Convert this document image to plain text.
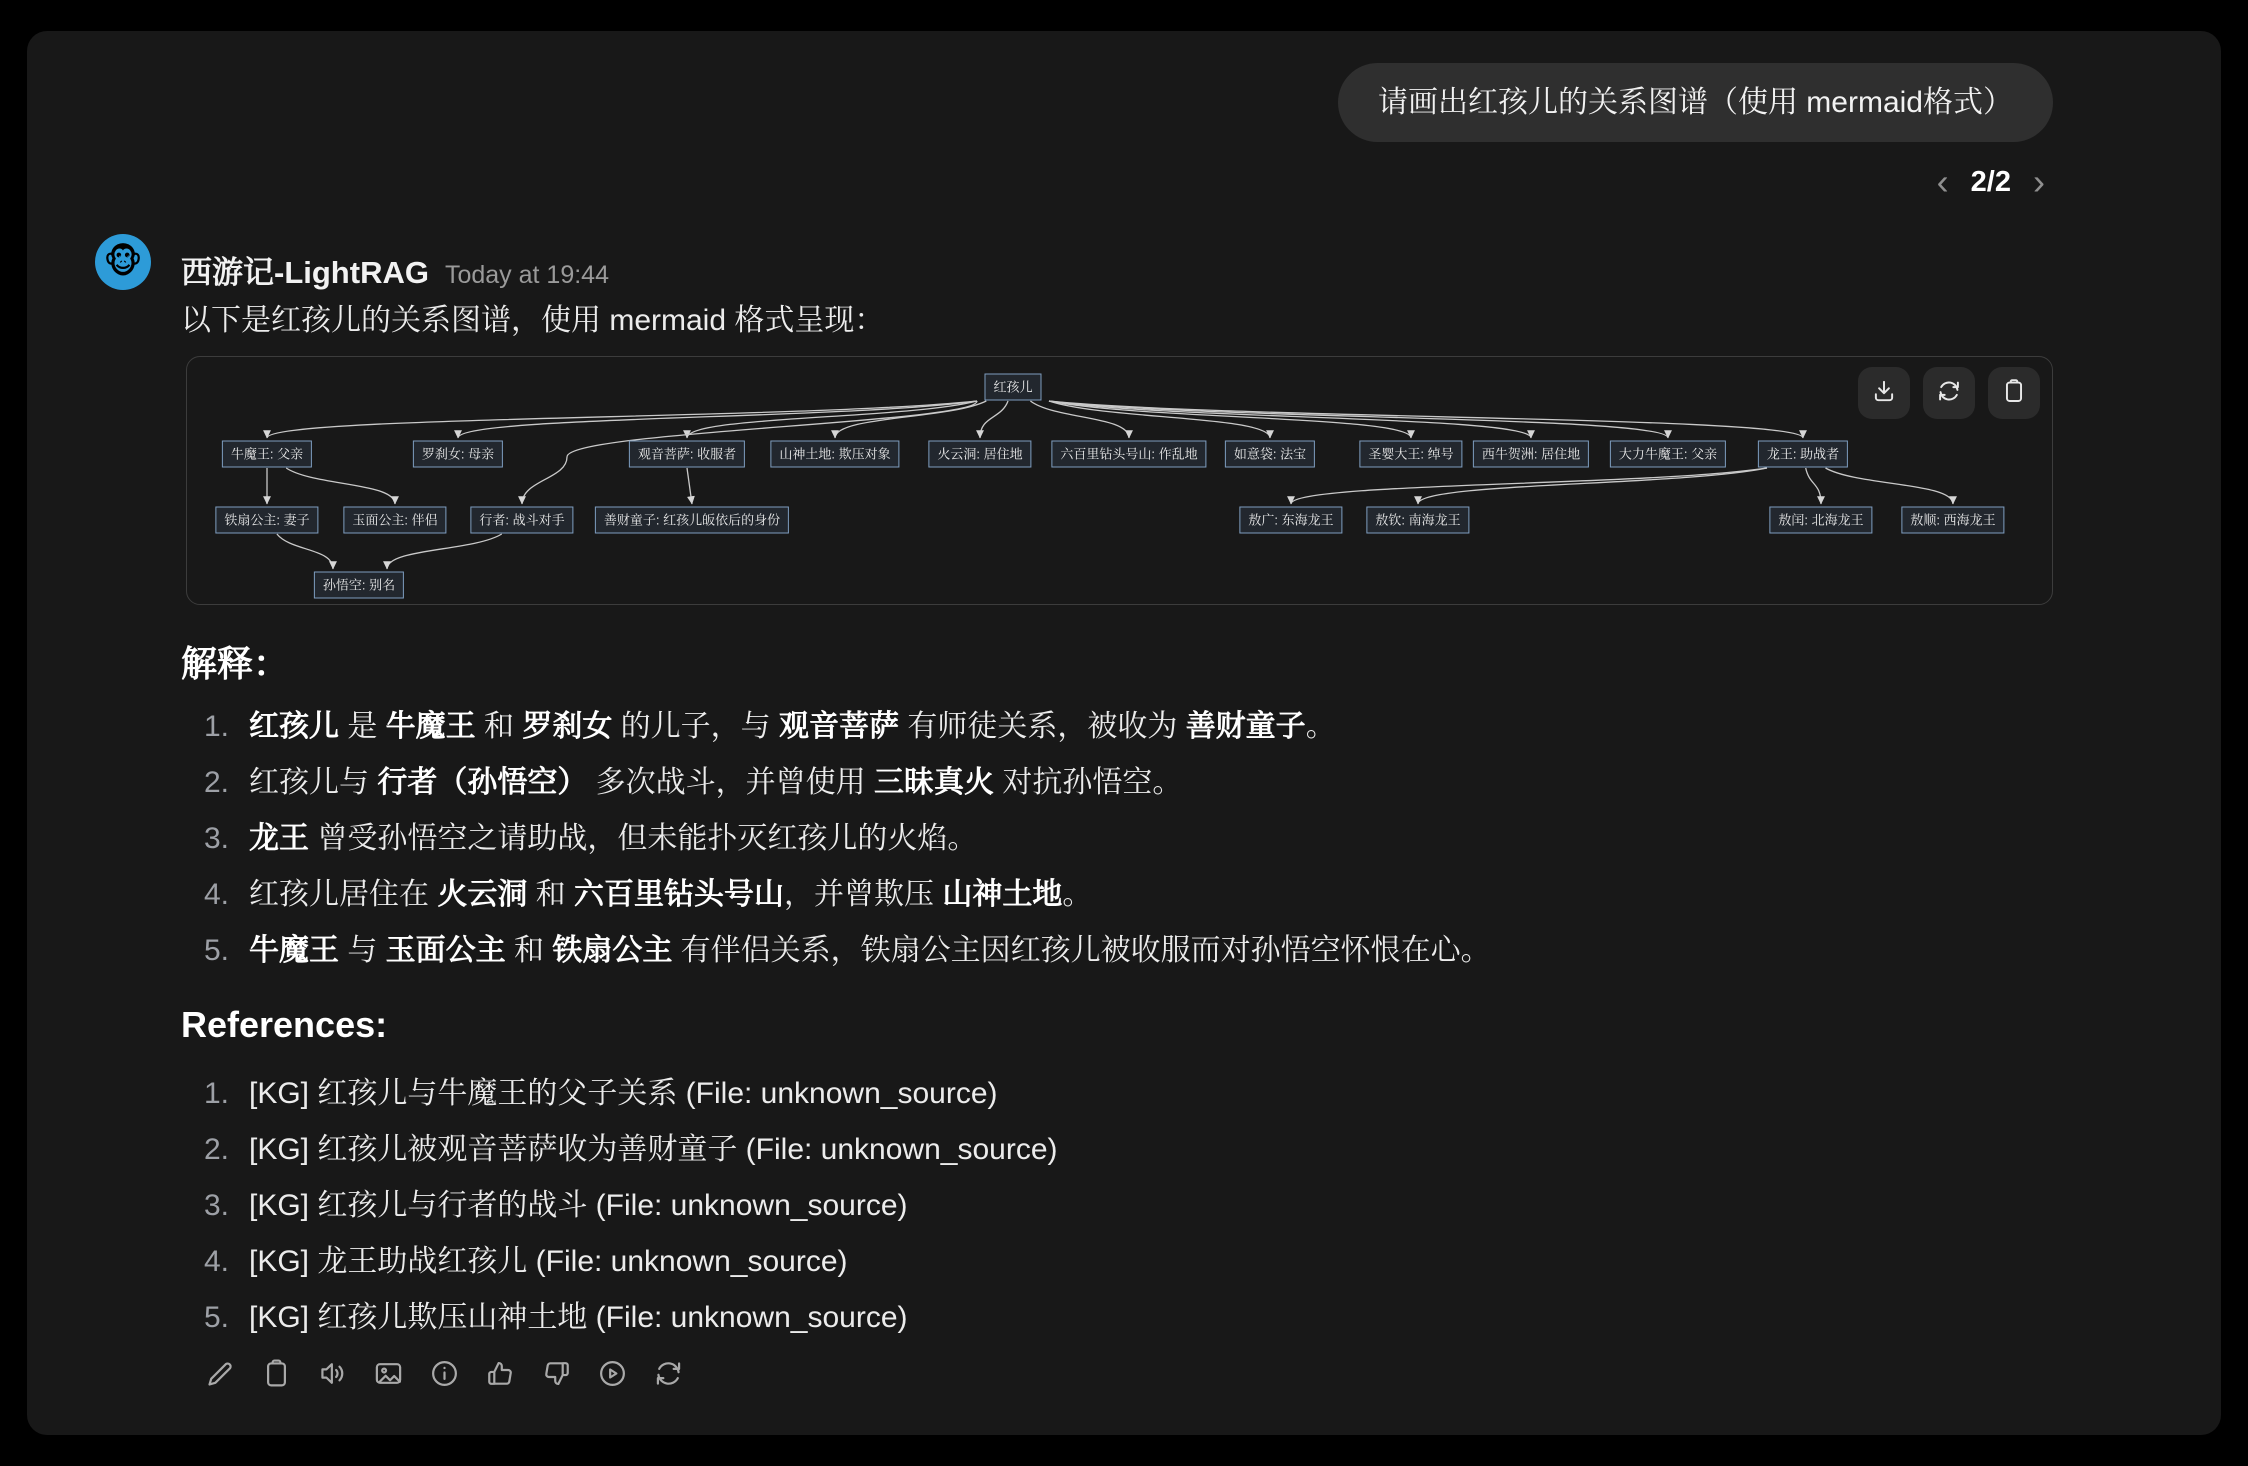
请画出红孩儿的关系图谱（使用 mermaid格式）
‹ 2/2 ›
🐵 西游记-LightRAG Today at 19:44
以下是红孩儿的关系图谱，使用 mermaid 格式呈现：
红孩儿
牛魔王: 父亲	罗刹女: 母亲	观音菩萨: 收服者	山神土地: 欺压对象	火云洞: 居住地	六百里钻头号山: 作乱地	如意袋: 法宝	圣婴大王: 绰号	西牛贺洲: 居住地	大力牛魔王: 父亲	龙王: 助战者
铁扇公主: 妻子	玉面公主: 伴侣	行者: 战斗对手	善财童子: 红孩儿皈依后的身份	敖广: 东海龙王	敖钦: 南海龙王	敖闰: 北海龙王	敖顺: 西海龙王
孙悟空: 别名
解释：
1. 红孩儿 是 牛魔王 和 罗刹女 的儿子，与 观音菩萨 有师徒关系，被收为 善财童子。
2. 红孩儿与 行者（孙悟空） 多次战斗，并曾使用 三昧真火 对抗孙悟空。
3. 龙王 曾受孙悟空之请助战，但未能扑灭红孩儿的火焰。
4. 红孩儿居住在 火云洞 和 六百里钻头号山，并曾欺压 山神土地。
5. 牛魔王 与 玉面公主 和 铁扇公主 有伴侣关系，铁扇公主因红孩儿被收服而对孙悟空怀恨在心。
References:
1. [KG] 红孩儿与牛魔王的父子关系 (File: unknown_source)
2. [KG] 红孩儿被观音菩萨收为善财童子 (File: unknown_source)
3. [KG] 红孩儿与行者的战斗 (File: unknown_source)
4. [KG] 龙王助战红孩儿 (File: unknown_source)
5. [KG] 红孩儿欺压山神土地 (File: unknown_source)
